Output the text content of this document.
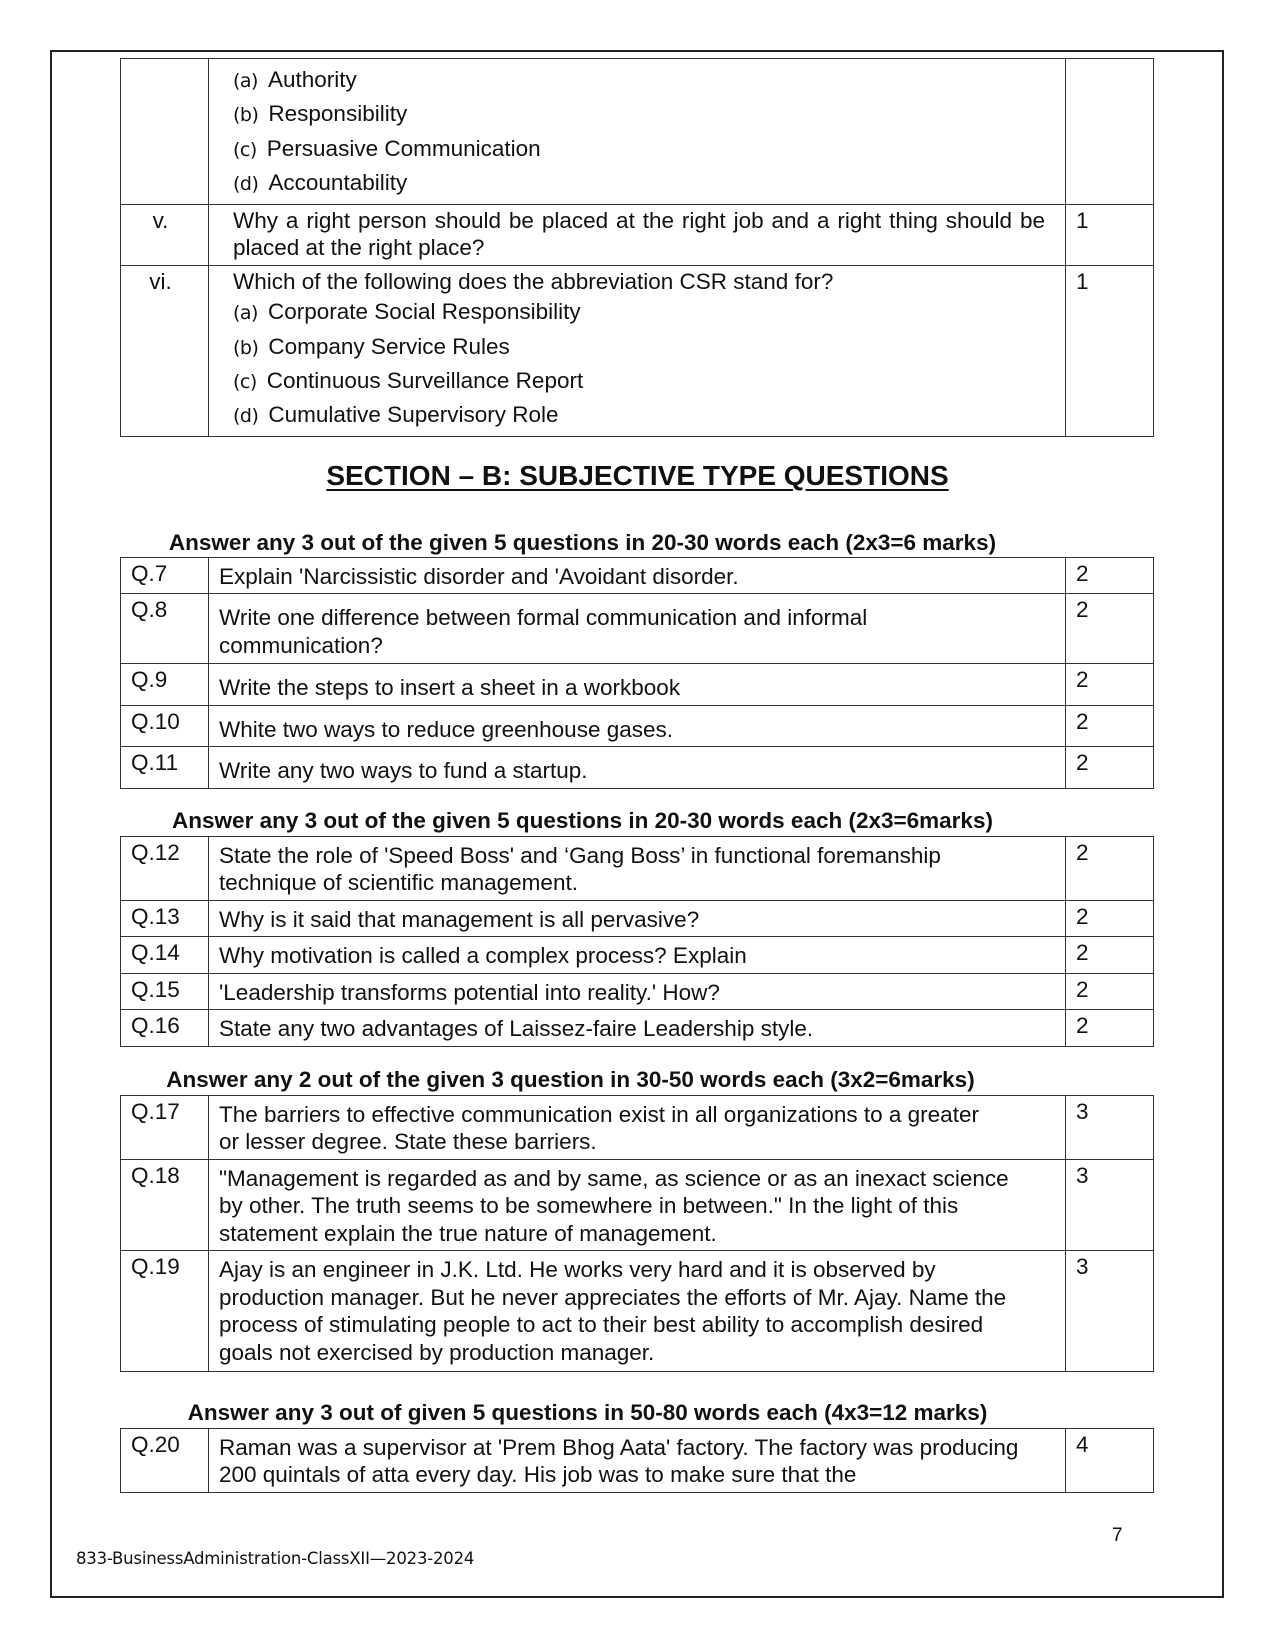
	(a) Authority
(b) Responsibility
(c) Persuasive Communication
(d) Accountability	

v.	Why a right person should be placed at the right job and a right thing should be placed at the right place?	1
vi.	Which of the following does the abbreviation CSR stand for?
(a) Corporate Social Responsibility
(b) Company Service Rules
(c) Continuous Surveillance Report
(d) Cumulative Supervisory Role	1
SECTION – B: SUBJECTIVE TYPE QUESTIONS
Answer any 3 out of the given 5 questions in 20-30 words each (2x3=6 marks)
Q.7	Explain 'Narcissistic disorder and 'Avoidant disorder.	2
Q.8	Write one difference between formal communication and informal communication?	2
Q.9	Write the steps to insert a sheet in a workbook	2
Q.10	White two ways to reduce greenhouse gases.	2
Q.11	Write any two ways to fund a startup.	2
Answer any 3 out of the given 5 questions in 20-30 words each (2x3=6marks)
Q.12	State the role of 'Speed Boss' and ‘Gang Boss’ in functional foremanship technique of scientific management.	2
Q.13	Why is it said that management is all pervasive?	2
Q.14	Why motivation is called a complex process? Explain	2
Q.15	'Leadership transforms potential into reality.' How?	2
Q.16	State any two advantages of Laissez-faire Leadership style.	2
Answer any 2 out of the given 3 question in 30-50 words each (3x2=6marks)
Q.17	The barriers to effective communication exist in all organizations to a greater or lesser degree. State these barriers.	3
Q.18	"Management is regarded as and by same, as science or as an inexact science by other. The truth seems to be somewhere in between." In the light of this statement explain the true nature of management.	3
Q.19	Ajay is an engineer in J.K. Ltd. He works very hard and it is observed by production manager. But he never appreciates the efforts of Mr. Ajay. Name the process of stimulating people to act to their best ability to accomplish desired goals not exercised by production manager.	3
Answer any 3 out of given 5 questions in 50-80 words each (4x3=12 marks)
Q.20	Raman was a supervisor at 'Prem Bhog Aata' factory. The factory was producing 200 quintals of atta every day. His job was to make sure that the	4
7
833-BusinessAdministration-ClassXII—2023-2024
